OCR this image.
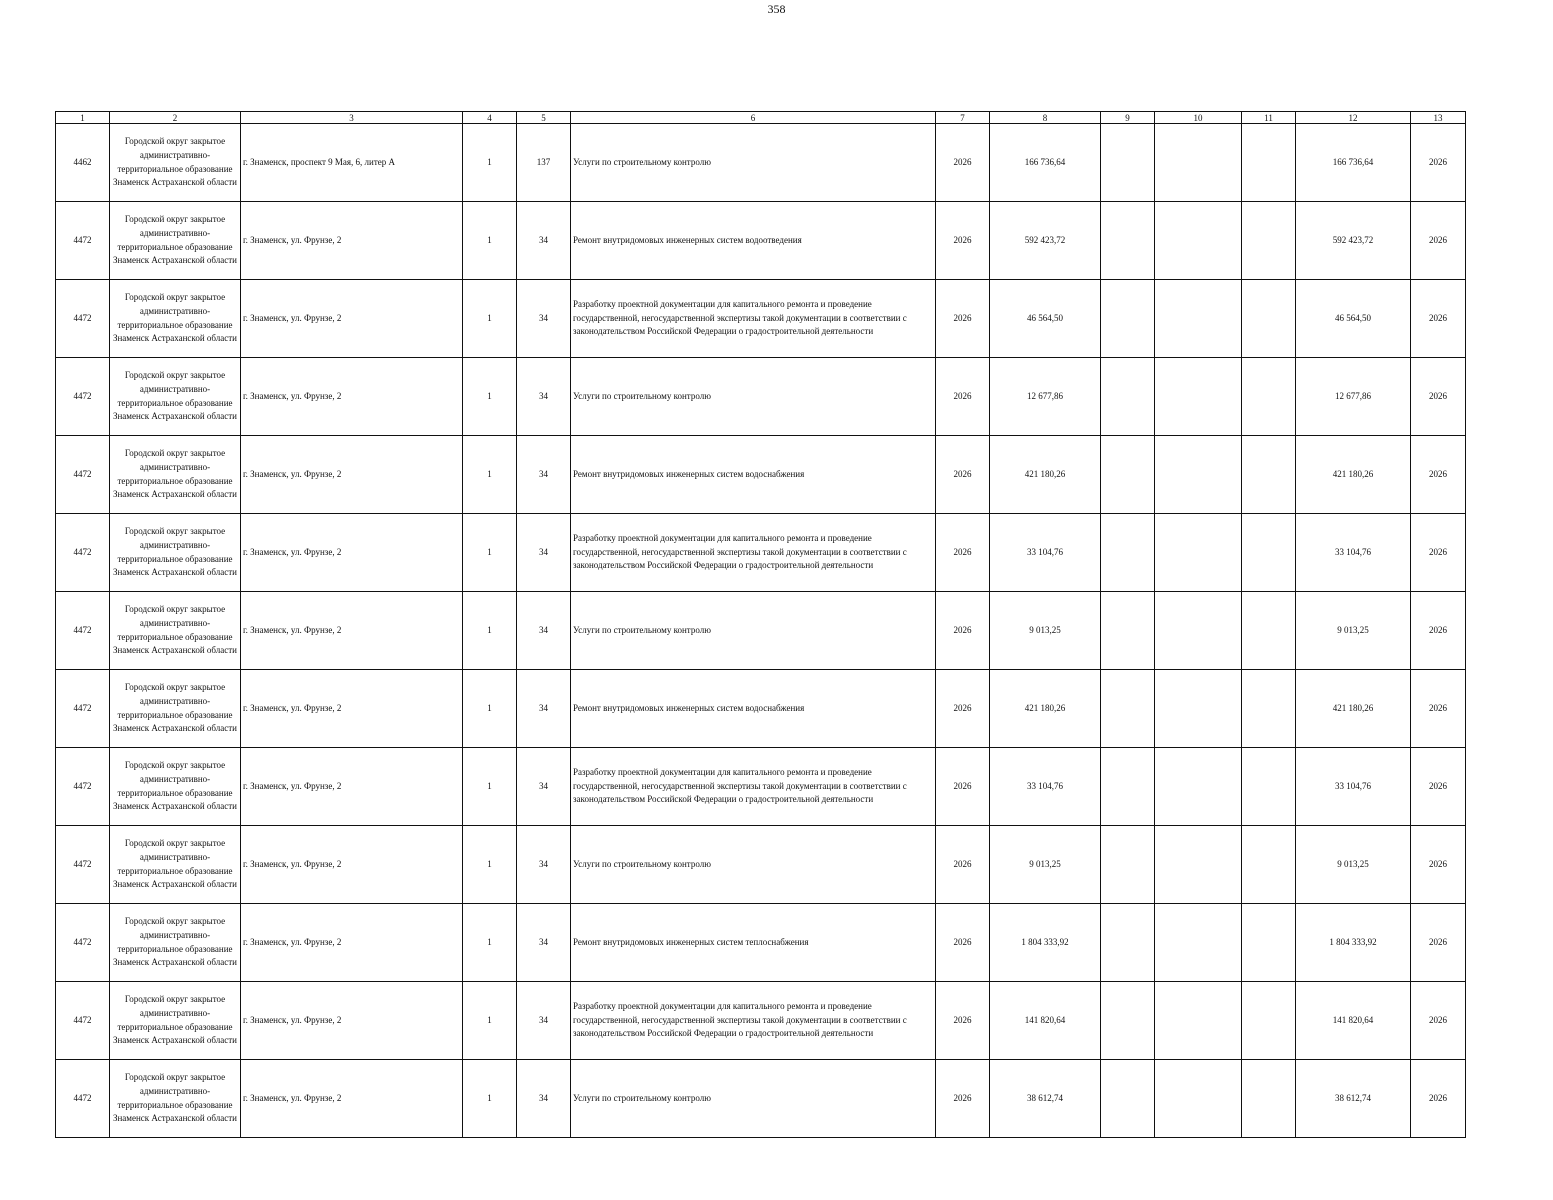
358
1	2	3	4	5	6	7	8	9	10	11	12	13
4462	Городской округ закрытое административно-территориальное образование Знаменск Астраханской области	г. Знаменск, проспект 9 Мая, 6, литер А	1	137	Услуги по строительному контролю	2026	166 736,64				166 736,64	2026
4472	Городской округ закрытое административно-территориальное образование Знаменск Астраханской области	г. Знаменск, ул. Фрунзе, 2	1	34	Ремонт внутридомовых инженерных систем водоотведения	2026	592 423,72				592 423,72	2026
4472	Городской округ закрытое административно-территориальное образование Знаменск Астраханской области	г. Знаменск, ул. Фрунзе, 2	1	34	Разработку проектной документации для капитального ремонта и проведение государственной, негосударственной экспертизы такой документации в соответствии с законодательством Российской Федерации о градостроительной деятельности	2026	46 564,50				46 564,50	2026
4472	Городской округ закрытое административно-территориальное образование Знаменск Астраханской области	г. Знаменск, ул. Фрунзе, 2	1	34	Услуги по строительному контролю	2026	12 677,86				12 677,86	2026
4472	Городской округ закрытое административно-территориальное образование Знаменск Астраханской области	г. Знаменск, ул. Фрунзе, 2	1	34	Ремонт внутридомовых инженерных систем водоснабжения	2026	421 180,26				421 180,26	2026
4472	Городской округ закрытое административно-территориальное образование Знаменск Астраханской области	г. Знаменск, ул. Фрунзе, 2	1	34	Разработку проектной документации для капитального ремонта и проведение государственной, негосударственной экспертизы такой документации в соответствии с законодательством Российской Федерации о градостроительной деятельности	2026	33 104,76				33 104,76	2026
4472	Городской округ закрытое административно-территориальное образование Знаменск Астраханской области	г. Знаменск, ул. Фрунзе, 2	1	34	Услуги по строительному контролю	2026	9 013,25				9 013,25	2026
4472	Городской округ закрытое административно-территориальное образование Знаменск Астраханской области	г. Знаменск, ул. Фрунзе, 2	1	34	Ремонт внутридомовых инженерных систем водоснабжения	2026	421 180,26				421 180,26	2026
4472	Городской округ закрытое административно-территориальное образование Знаменск Астраханской области	г. Знаменск, ул. Фрунзе, 2	1	34	Разработку проектной документации для капитального ремонта и проведение государственной, негосударственной экспертизы такой документации в соответствии с законодательством Российской Федерации о градостроительной деятельности	2026	33 104,76				33 104,76	2026
4472	Городской округ закрытое административно-территориальное образование Знаменск Астраханской области	г. Знаменск, ул. Фрунзе, 2	1	34	Услуги по строительному контролю	2026	9 013,25				9 013,25	2026
4472	Городской округ закрытое административно-территориальное образование Знаменск Астраханской области	г. Знаменск, ул. Фрунзе, 2	1	34	Ремонт внутридомовых инженерных систем теплоснабжения	2026	1 804 333,92				1 804 333,92	2026
4472	Городской округ закрытое административно-территориальное образование Знаменск Астраханской области	г. Знаменск, ул. Фрунзе, 2	1	34	Разработку проектной документации для капитального ремонта и проведение государственной, негосударственной экспертизы такой документации в соответствии с законодательством Российской Федерации о градостроительной деятельности	2026	141 820,64				141 820,64	2026
4472	Городской округ закрытое административно-территориальное образование Знаменск Астраханской области	г. Знаменск, ул. Фрунзе, 2	1	34	Услуги по строительному контролю	2026	38 612,74				38 612,74	2026
